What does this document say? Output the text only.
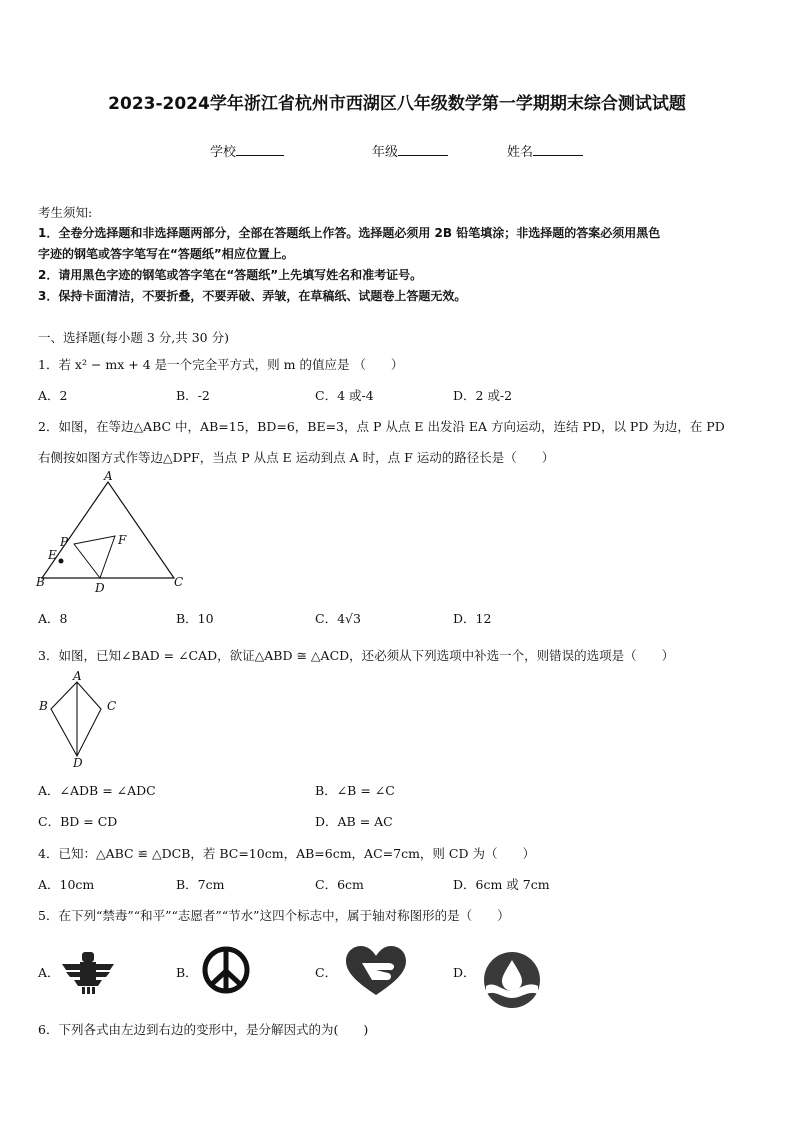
2023-2024学年浙江省杭州市西湖区八年级数学第一学期期末综合测试试题
学校	年级	姓名
考生须知:
1．全卷分选择题和非选择题两部分，全部在答题纸上作答。选择题必须用 2B 铅笔填涂；非选择题的答案必须用黑色
字迹的钢笔或答字笔写在“答题纸”相应位置上。
2．请用黑色字迹的钢笔或答字笔在“答题纸”上先填写姓名和准考证号。
3．保持卡面清洁，不要折叠，不要弄破、弄皱，在草稿纸、试题卷上答题无效。
一、选择题(每小题 3 分,共 30 分)
1．若 x² − mx + 4 是一个完全平方式，则 m 的值应是 （　　）
A．2	B．-2	C．4 或-4	D．2 或-2
2．如图，在等边△ABC 中，AB=15，BD=6，BE=3，点 P 从点 E 出发沿 EA 方向运动，连结 PD，以 PD 为边，在 PD
右侧按如图方式作等边△DPF，当点 P 从点 E 运动到点 A 时，点 F 运动的路径长是（　　）
A
P	F
E
B	D	C
A．8	B．10	C．4√3	D．12
3．如图，已知∠BAD = ∠CAD，欲证△ABD ≅ △ACD，还必须从下列选项中补选一个，则错误的选项是（　　）
A
B	C
D
A．∠ADB = ∠ADC	B．∠B = ∠C
C．BD = CD	D．AB = AC
4．已知：△ABC ≌ △DCB，若 BC=10cm，AB=6cm，AC=7cm，则 CD 为（　　）
A．10cm	B．7cm	C．6cm	D．6cm 或 7cm
5．在下列“禁毒”“和平”“志愿者”“节水”这四个标志中，属于轴对称图形的是（　　）
A．	B．	C．	D．
6．下列各式由左边到右边的变形中，是分解因式的为(　　)
